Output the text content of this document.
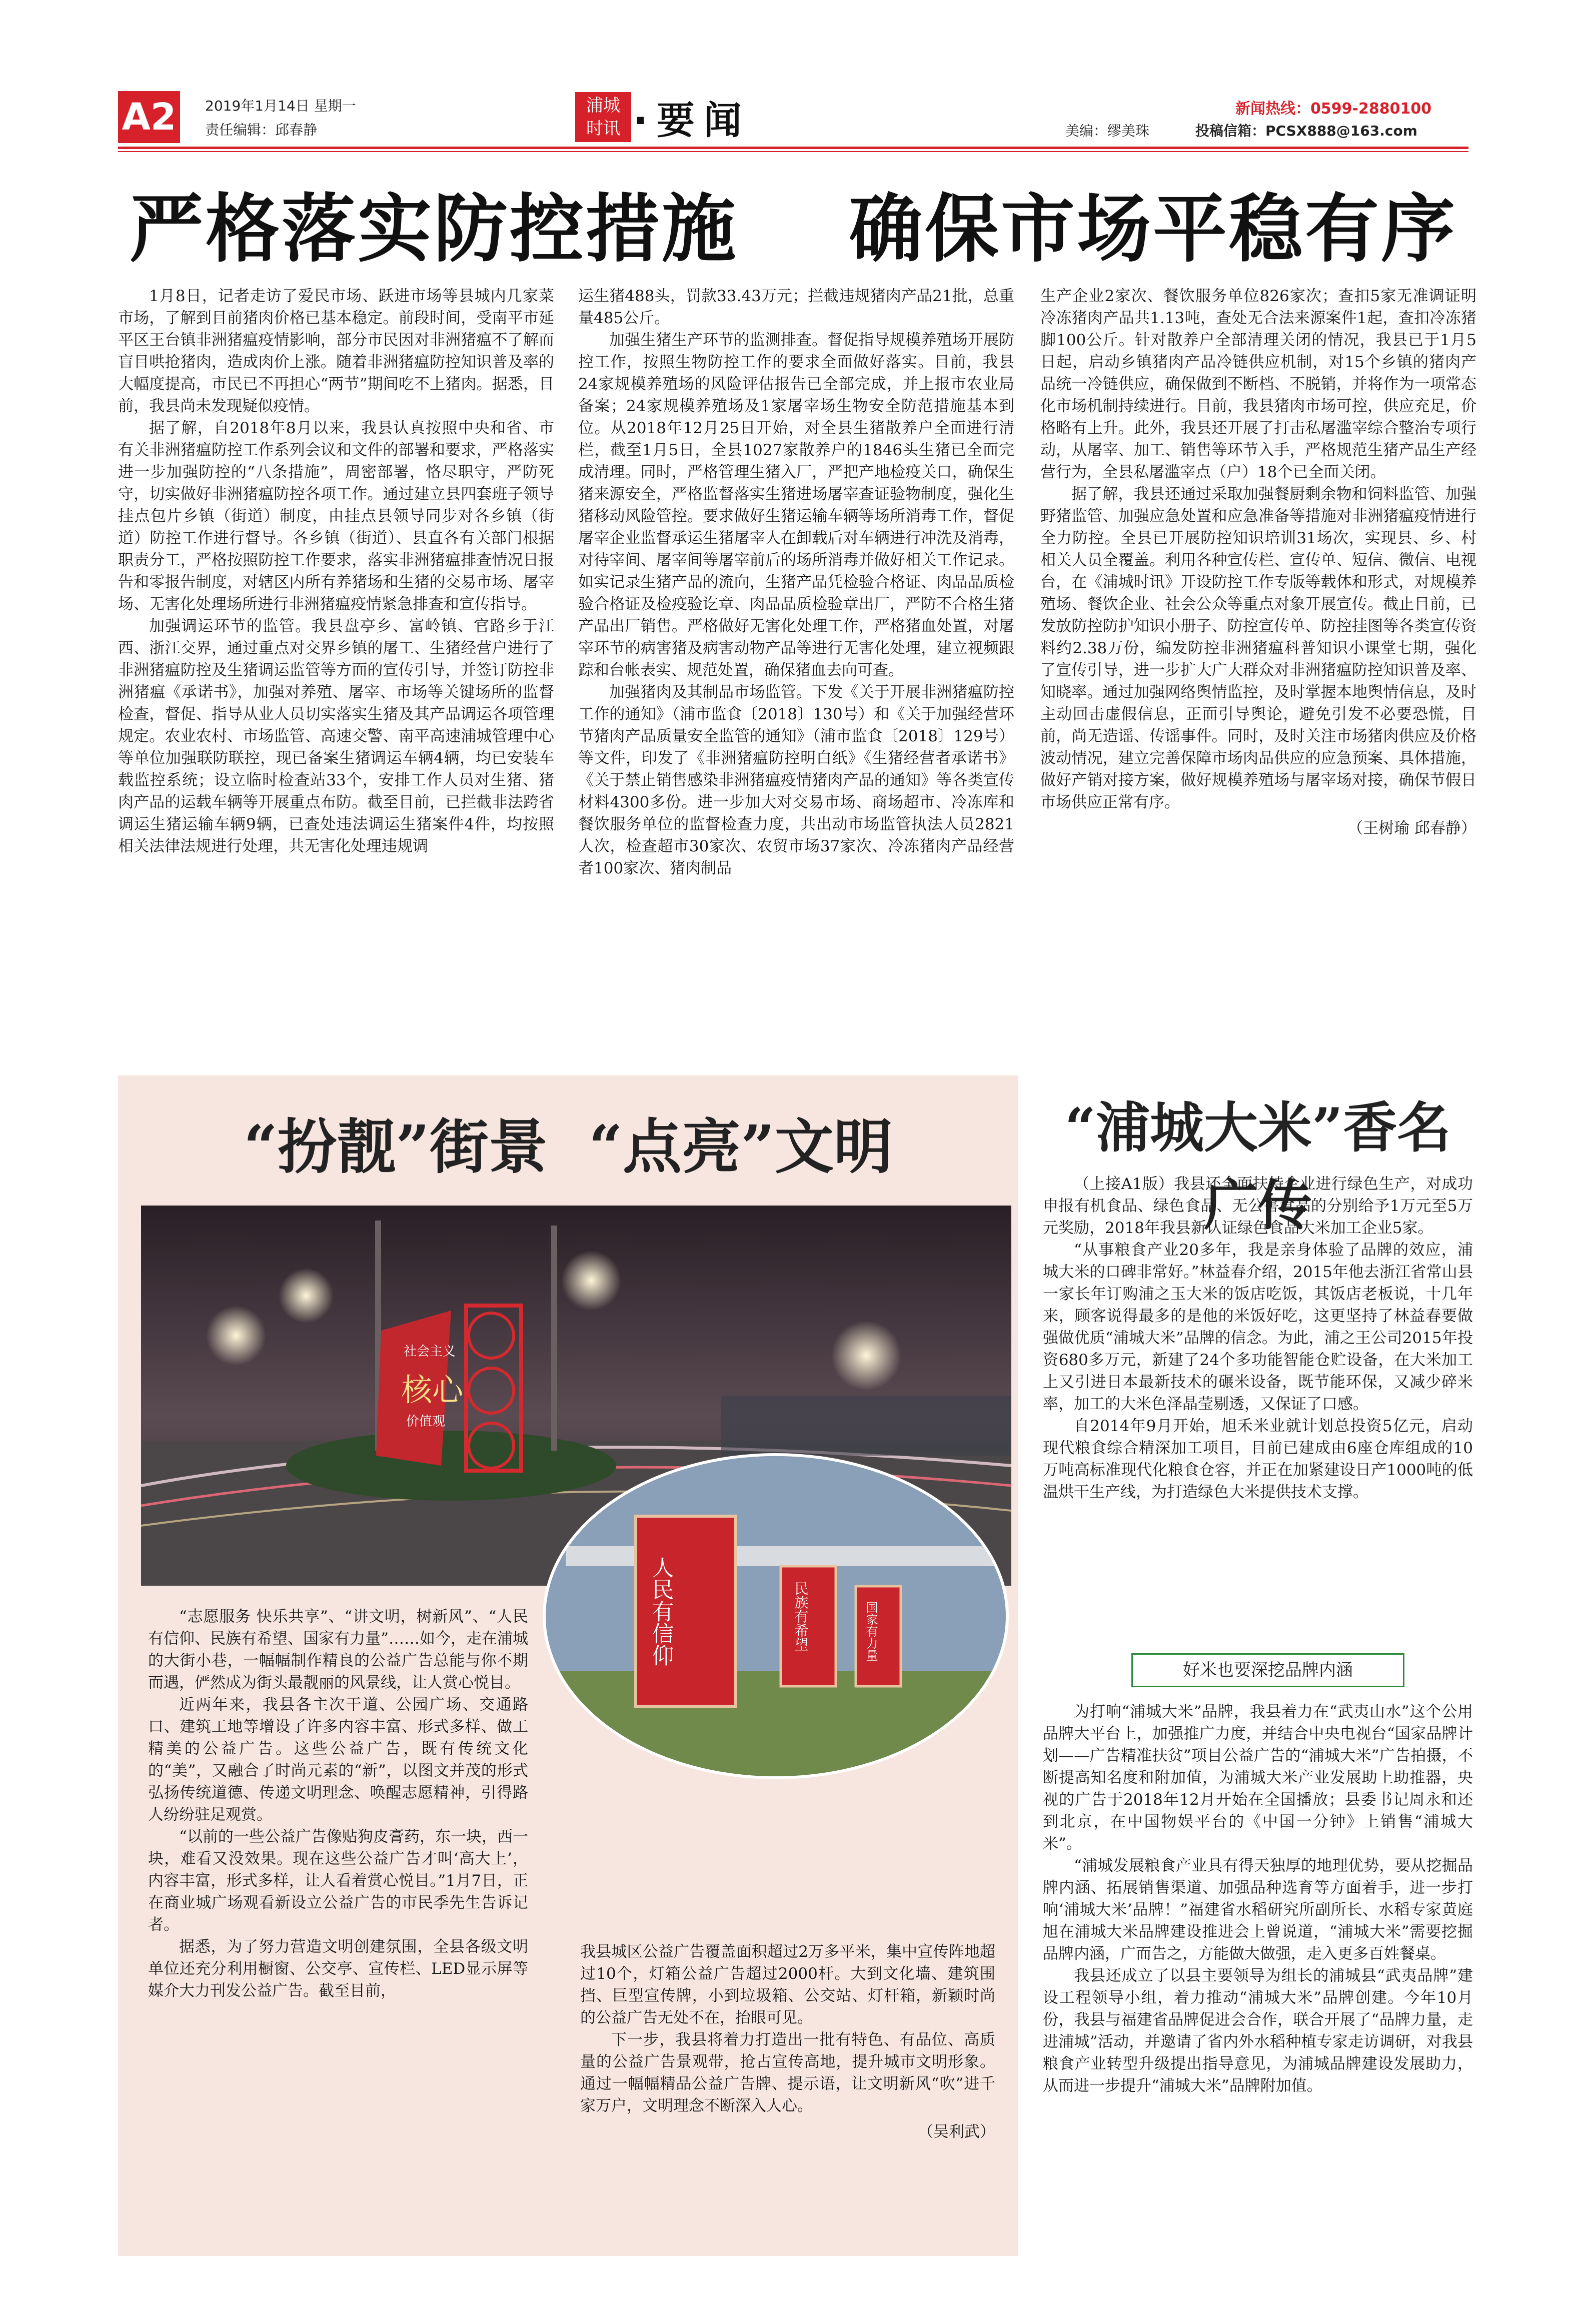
A2 2019年1月14日 星期一
责任编辑：邱春静
浦城
时讯 ·要闻	新闻热线：0599-2880100
美编：缪美珠	投稿信箱：PCSX888@163.com
严格落实防控措施    确保市场平稳有序

1月8日，记者走访了爱民市场、跃进市场等县城内几家菜市场，了解到目前猪肉价格已基本稳定。前段时间，受南平市延平区王台镇非洲猪瘟疫情影响，部分市民因对非洲猪瘟不了解而盲目哄抢猪肉，造成肉价上涨。随着非洲猪瘟防控知识普及率的大幅度提高，市民已不再担心“两节”期间吃不上猪肉。据悉，目前，我县尚未发现疑似疫情。

据了解，自2018年8月以来，我县认真按照中央和省、市有关非洲猪瘟防控工作系列会议和文件的部署和要求，严格落实进一步加强防控的“八条措施”，周密部署，恪尽职守，严防死守，切实做好非洲猪瘟防控各项工作。通过建立县四套班子领导挂点包片乡镇（街道）制度，由挂点县领导同步对各乡镇（街道）防控工作进行督导。各乡镇（街道）、县直各有关部门根据职责分工，严格按照防控工作要求，落实非洲猪瘟排查情况日报告和零报告制度，对辖区内所有养猪场和生猪的交易市场、屠宰场、无害化处理场所进行非洲猪瘟疫情紧急排查和宣传指导。

加强调运环节的监管。我县盘亭乡、富岭镇、官路乡于江西、浙江交界，通过重点对交界乡镇的屠工、生猪经营户进行了非洲猪瘟防控及生猪调运监管等方面的宣传引导，并签订防控非洲猪瘟《承诺书》，加强对养殖、屠宰、市场等关键场所的监督检查，督促、指导从业人员切实落实生猪及其产品调运各项管理规定。农业农村、市场监管、高速交警、南平高速浦城管理中心等单位加强联防联控，现已备案生猪调运车辆4辆，均已安装车载监控系统；设立临时检查站33个，安排工作人员对生猪、猪肉产品的运载车辆等开展重点布防。截至目前，已拦截非法跨省调运生猪运输车辆9辆，已查处违法调运生猪案件4件，均按照相关法律法规进行处理，共无害化处理违规调

运生猪488头，罚款33.43万元；拦截违规猪肉产品21批，总重量485公斤。

加强生猪生产环节的监测排查。督促指导规模养殖场开展防控工作，按照生物防控工作的要求全面做好落实。目前，我县24家规模养殖场的风险评估报告已全部完成，并上报市农业局备案；24家规模养殖场及1家屠宰场生物安全防范措施基本到位。从2018年12月25日开始，对全县生猪散养户全面进行清栏，截至1月5日，全县1027家散养户的1846头生猪已全面完成清理。同时，严格管理生猪入厂，严把产地检疫关口，确保生猪来源安全，严格监督落实生猪进场屠宰查证验物制度，强化生猪移动风险管控。要求做好生猪运输车辆等场所消毒工作，督促屠宰企业监督承运生猪屠宰人在卸载后对车辆进行冲洗及消毒，对待宰间、屠宰间等屠宰前后的场所消毒并做好相关工作记录。如实记录生猪产品的流向，生猪产品凭检验合格证、肉品品质检验合格证及检疫验讫章、肉品品质检验章出厂，严防不合格生猪产品出厂销售。严格做好无害化处理工作，严格猪血处置，对屠宰环节的病害猪及病害动物产品等进行无害化处理，建立视频跟踪和台帐表实、规范处置，确保猪血去向可查。

加强猪肉及其制品市场监管。下发《关于开展非洲猪瘟防控工作的通知》（浦市监食〔2018〕130号）和《关于加强经营环节猪肉产品质量安全监管的通知》（浦市监食〔2018〕129号）等文件，印发了《非洲猪瘟防控明白纸》《生猪经营者承诺书》《关于禁止销售感染非洲猪瘟疫情猪肉产品的通知》等各类宣传材料4300多份。进一步加大对交易市场、商场超市、冷冻库和餐饮服务单位的监督检查力度，共出动市场监管执法人员2821人次，检查超市30家次、农贸市场37家次、冷冻猪肉产品经营者100家次、猪肉制品

生产企业2家次、餐饮服务单位826家次；查扣5家无准调证明冷冻猪肉产品共1.13吨，查处无合法来源案件1起，查扣冷冻猪脚100公斤。针对散养户全部清理关闭的情况，我县已于1月5日起，启动乡镇猪肉产品冷链供应机制，对15个乡镇的猪肉产品统一冷链供应，确保做到不断档、不脱销，并将作为一项常态化市场机制持续进行。目前，我县猪肉市场可控，供应充足，价格略有上升。此外，我县还开展了打击私屠滥宰综合整治专项行动，从屠宰、加工、销售等环节入手，严格规范生猪产品生产经营行为，全县私屠滥宰点（户）18个已全面关闭。

据了解，我县还通过采取加强餐厨剩余物和饲料监管、加强野猪监管、加强应急处置和应急准备等措施对非洲猪瘟疫情进行全力防控。全县已开展防控知识培训31场次，实现县、乡、村相关人员全覆盖。利用各种宣传栏、宣传单、短信、微信、电视台，在《浦城时讯》开设防控工作专版等载体和形式，对规模养殖场、餐饮企业、社会公众等重点对象开展宣传。截止目前，已发放防控防护知识小册子、防控宣传单、防控挂图等各类宣传资料约2.38万份，编发防控非洲猪瘟科普知识小课堂七期，强化了宣传引导，进一步扩大广大群众对非洲猪瘟防控知识普及率、知晓率。通过加强网络舆情监控，及时掌握本地舆情信息，及时主动回击虚假信息，正面引导舆论，避免引发不必要恐慌，目前，尚无造谣、传谣事件。同时，及时关注市场猪肉供应及价格波动情况，建立完善保障市场肉品供应的应急预案、具体措施，做好产销对接方案，做好规模养殖场与屠宰场对接，确保节假日市场供应正常有序。

（王树瑜 邱春静）

“扮靓”街景  “点亮”文明
社会主义
核心
价值观
人民有信仰	民族有希望	国家有力量

“志愿服务 快乐共享”、“讲文明，树新风”、“人民有信仰、民族有希望、国家有力量”……如今，走在浦城的大街小巷，一幅幅制作精良的公益广告总能与你不期而遇，俨然成为街头最靓丽的风景线，让人赏心悦目。

近两年来，我县各主次干道、公园广场、交通路口、建筑工地等增设了许多内容丰富、形式多样、做工精美的公益广告。这些公益广告，既有传统文化的“美”，又融合了时尚元素的“新”，以图文并茂的形式弘扬传统道德、传递文明理念、唤醒志愿精神，引得路人纷纷驻足观赏。

“以前的一些公益广告像贴狗皮膏药，东一块，西一块，难看又没效果。现在这些公益广告才叫‘高大上’，内容丰富，形式多样，让人看着赏心悦目。”1月7日，正在商业城广场观看新设立公益广告的市民季先生告诉记者。

据悉，为了努力营造文明创建氛围，全县各级文明单位还充分利用橱窗、公交亭、宣传栏、LED显示屏等媒介大力刊发公益广告。截至目前，

我县城区公益广告覆盖面积超过2万多平米，集中宣传阵地超过10个，灯箱公益广告超过2000杆。大到文化墙、建筑围挡、巨型宣传牌，小到垃圾箱、公交站、灯杆箱，新颖时尚的公益广告无处不在，抬眼可见。

下一步，我县将着力打造出一批有特色、有品位、高质量的公益广告景观带，抢占宣传高地，提升城市文明形象。通过一幅幅精品公益广告牌、提示语，让文明新风“吹”进千家万户，文明理念不断深入人心。

（吴利武）

“浦城大米”香名广传

（上接A1版）我县还全面扶持企业进行绿色生产，对成功申报有机食品、绿色食品、无公害食品的分别给予1万元至5万元奖励，2018年我县新认证绿色食品大米加工企业5家。

“从事粮食产业20多年，我是亲身体验了品牌的效应，浦城大米的口碑非常好。”林益春介绍，2015年他去浙江省常山县一家长年订购浦之玉大米的饭店吃饭，其饭店老板说，十几年来，顾客说得最多的是他的米饭好吃，这更坚持了林益春要做强做优质“浦城大米”品牌的信念。为此，浦之王公司2015年投资680多万元，新建了24个多功能智能仓贮设备，在大米加工上又引进日本最新技术的碾米设备，既节能环保，又减少碎米率，加工的大米色泽晶莹剔透，又保证了口感。

自2014年9月开始，旭禾米业就计划总投资5亿元，启动现代粮食综合精深加工项目，目前已建成由6座仓库组成的10万吨高标准现代化粮食仓容，并正在加紧建设日产1000吨的低温烘干生产线，为打造绿色大米提供技术支撑。

好米也要深挖品牌内涵

为打响“浦城大米”品牌，我县着力在“武夷山水”这个公用品牌大平台上，加强推广力度，并结合中央电视台“国家品牌计划——广告精准扶贫”项目公益广告的“浦城大米”广告拍摄，不断提高知名度和附加值，为浦城大米产业发展助上助推器，央视的广告于2018年12月开始在全国播放；县委书记周永和还到北京，在中国物娱平台的《中国一分钟》上销售“浦城大米”。

“浦城发展粮食产业具有得天独厚的地理优势，要从挖掘品牌内涵、拓展销售渠道、加强品种选育等方面着手，进一步打响‘浦城大米’品牌！”福建省水稻研究所副所长、水稻专家黄庭旭在浦城大米品牌建设推进会上曾说道，“浦城大米”需要挖掘品牌内涵，广而告之，方能做大做强，走入更多百姓餐桌。

我县还成立了以县主要领导为组长的浦城县“武夷品牌”建设工程领导小组，着力推动“浦城大米”品牌创建。今年10月份，我县与福建省品牌促进会合作，联合开展了“品牌力量，走进浦城”活动，并邀请了省内外水稻种植专家走访调研，对我县粮食产业转型升级提出指导意见，为浦城品牌建设发展助力，从而进一步提升“浦城大米”品牌附加值。
